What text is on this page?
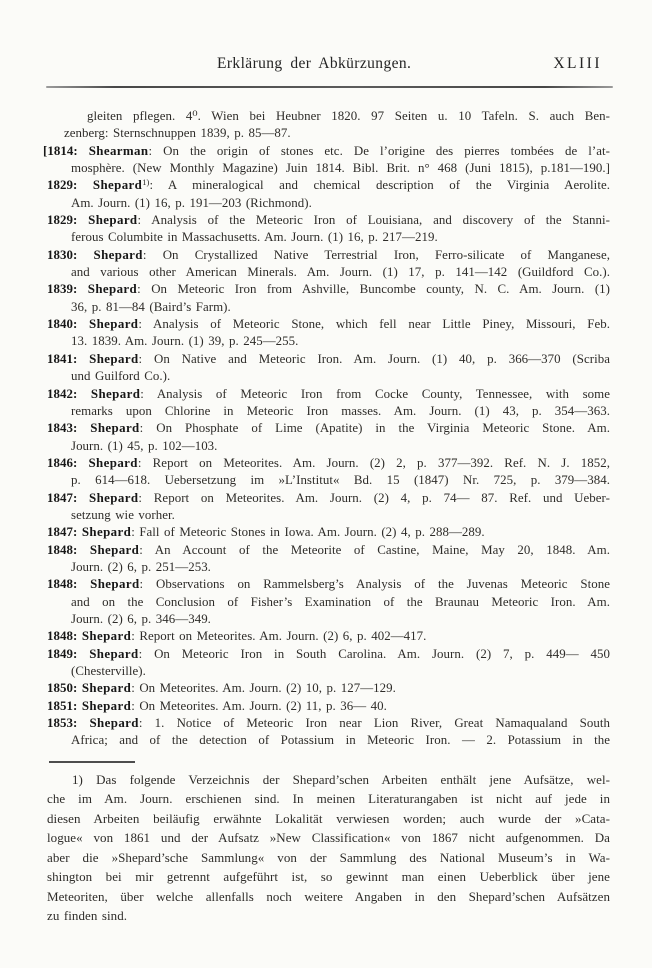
Erklärung der Abkürzungen.	XLIII
gleiten pflegen. 4⁰. Wien bei Heubner 1820. 97 Seiten u. 10 Tafeln. S. auch Ben-
zenberg: Sternschnuppen 1839, p. 85—87.
[1814: Shearman: On the origin of stones etc. De l’origine des pierres tombées de l’at-
mosphère. (New Monthly Magazine) Juin 1814. Bibl. Brit. n° 468 (Juni 1815), p.181—190.]
1829: Shepard$^{1)}$: A mineralogical and chemical description of the Virginia Aerolite.
Am. Journ. (1) 16, p. 191—203 (Richmond).
1829: Shepard: Analysis of the Meteoric Iron of Louisiana, and discovery of the Stanni-
ferous Columbite in Massachusetts. Am. Journ. (1) 16, p. 217—219.
1830: Shepard: On Crystallized Native Terrestrial Iron, Ferro-silicate of Manganese,
and various other American Minerals. Am. Journ. (1) 17, p. 141—142 (Guildford Co.).
1839: Shepard: On Meteoric Iron from Ashville, Buncombe county, N. C. Am. Journ. (1)
36, p. 81—84 (Baird’s Farm).
1840: Shepard: Analysis of Meteoric Stone, which fell near Little Piney, Missouri, Feb.
13. 1839. Am. Journ. (1) 39, p. 245—255.
1841: Shepard: On Native and Meteoric Iron. Am. Journ. (1) 40, p. 366—370 (Scriba
und Guilford Co.).
1842: Shepard: Analysis of Meteoric Iron from Cocke County, Tennessee, with some
remarks upon Chlorine in Meteoric Iron masses. Am. Journ. (1) 43, p. 354—363.
1843: Shepard: On Phosphate of Lime (Apatite) in the Virginia Meteoric Stone. Am.
Journ. (1) 45, p. 102—103.
1846: Shepard: Report on Meteorites. Am. Journ. (2) 2, p. 377—392. Ref. N. J. 1852,
p. 614—618. Uebersetzung im »L’Institut« Bd. 15 (1847) Nr. 725, p. 379—384.
1847: Shepard: Report on Meteorites. Am. Journ. (2) 4, p. 74— 87. Ref. und Ueber-
setzung wie vorher.
1847: Shepard: Fall of Meteoric Stones in Iowa. Am. Journ. (2) 4, p. 288—289.
1848: Shepard: An Account of the Meteorite of Castine, Maine, May 20, 1848. Am.
Journ. (2) 6, p. 251—253.
1848: Shepard: Observations on Rammelsberg’s Analysis of the Juvenas Meteoric Stone
and on the Conclusion of Fisher’s Examination of the Braunau Meteoric Iron. Am.
Journ. (2) 6, p. 346—349.
1848: Shepard: Report on Meteorites. Am. Journ. (2) 6, p. 402—417.
1849: Shepard: On Meteoric Iron in South Carolina. Am. Journ. (2) 7, p. 449— 450
(Chesterville).
1850: Shepard: On Meteorites. Am. Journ. (2) 10, p. 127—129.
1851: Shepard: On Meteorites. Am. Journ. (2) 11, p. 36— 40.
1853: Shepard: 1. Notice of Meteoric Iron near Lion River, Great Namaqualand South
Africa; and of the detection of Potassium in Meteoric Iron. — 2. Potassium in the
1) Das folgende Verzeichnis der Shepard’schen Arbeiten enthält jene Aufsätze, wel-
che im Am. Journ. erschienen sind. In meinen Literaturangaben ist nicht auf jede in
diesen Arbeiten beiläufig erwähnte Lokalität verwiesen worden; auch wurde der »Cata-
logue« von 1861 und der Aufsatz »New Classification« von 1867 nicht aufgenommen. Da
aber die »Shepard’sche Sammlung« von der Sammlung des National Museum’s in Wa-
shington bei mir getrennt aufgeführt ist, so gewinnt man einen Ueberblick über jene
Meteoriten, über welche allenfalls noch weitere Angaben in den Shepard’schen Aufsätzen
zu finden sind.
